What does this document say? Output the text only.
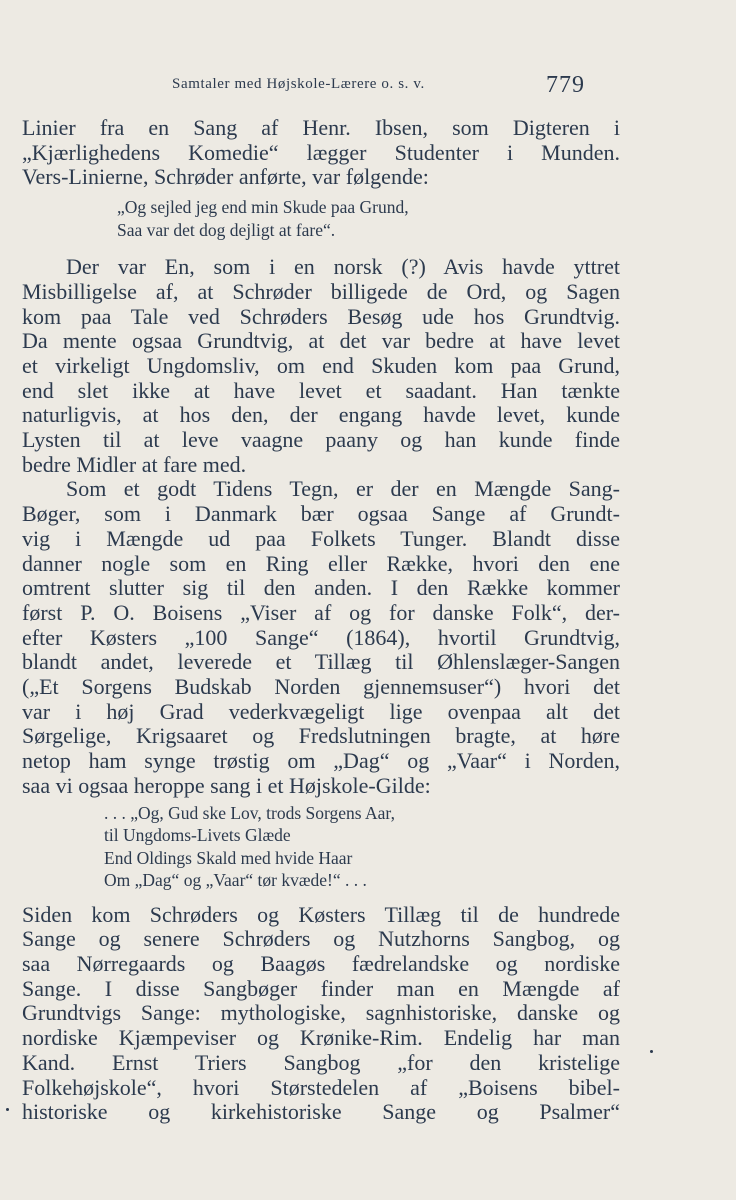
Samtaler med Højskole-Lærere o. s. v.	779
Linier fra en Sang af Henr. Ibsen, som Digteren i
„Kjærlighedens Komedie“ lægger Studenter i Munden.
Vers-Linierne, Schrøder anførte, var følgende:
„Og sejled jeg end min Skude paa Grund,
Saa var det dog dejligt at fare“.
Der var En, som i en norsk (?) Avis havde yttret
Misbilligelse af, at Schrøder billigede de Ord, og Sagen
kom paa Tale ved Schrøders Besøg ude hos Grundtvig.
Da mente ogsaa Grundtvig, at det var bedre at have levet
et virkeligt Ungdomsliv, om end Skuden kom paa Grund,
end slet ikke at have levet et saadant. Han tænkte
naturligvis, at hos den, der engang havde levet, kunde
Lysten til at leve vaagne paany og han kunde finde
bedre Midler at fare med.
Som et godt Tidens Tegn, er der en Mængde Sang-
Bøger, som i Danmark bær ogsaa Sange af Grundt-
vig i Mængde ud paa Folkets Tunger. Blandt disse
danner nogle som en Ring eller Række, hvori den ene
omtrent slutter sig til den anden. I den Række kommer
først P. O. Boisens „Viser af og for danske Folk“, der-
efter Køsters „100 Sange“ (1864), hvortil Grundtvig,
blandt andet, leverede et Tillæg til Øhlenslæger-Sangen
(„Et Sorgens Budskab Norden gjennemsuser“) hvori det
var i høj Grad vederkvægeligt lige ovenpaa alt det
Sørgelige, Krigsaaret og Fredslutningen bragte, at høre
netop ham synge trøstig om „Dag“ og „Vaar“ i Norden,
saa vi ogsaa heroppe sang i et Højskole-Gilde:
. . . „Og, Gud ske Lov, trods Sorgens Aar,
til Ungdoms-Livets Glæde
End Oldings Skald med hvide Haar
Om „Dag“ og „Vaar“ tør kvæde!“ . . .
Siden kom Schrøders og Køsters Tillæg til de hundrede
Sange og senere Schrøders og Nutzhorns Sangbog, og
saa Nørregaards og Baagøs fædrelandske og nordiske
Sange. I disse Sangbøger finder man en Mængde af
Grundtvigs Sange: mythologiske, sagnhistoriske, danske og
nordiske Kjæmpeviser og Krønike-Rim. Endelig har man
Kand. Ernst Triers Sangbog „for den kristelige
Folkehøjskole“, hvori Størstedelen af „Boisens bibel-
historiske og kirkehistoriske Sange og Psalmer“
